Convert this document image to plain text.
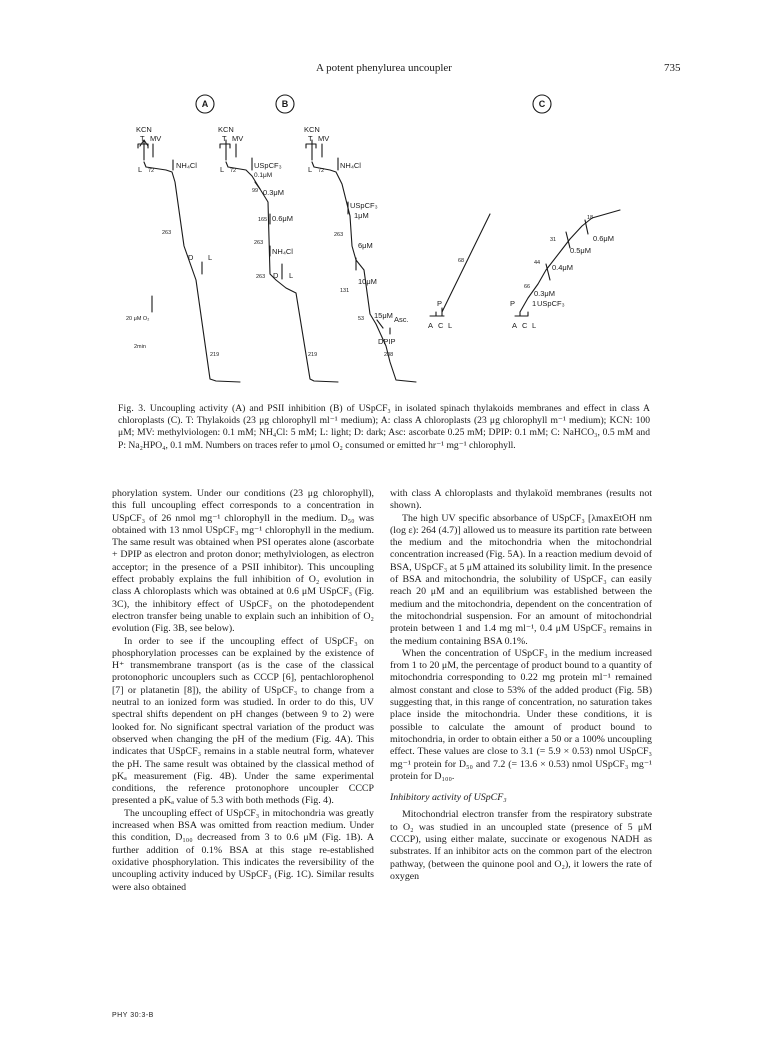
A potent phenylurea uncoupler	735
A	B	C
KCN
T MV
L 72
NH₄Cl
263
D L
219
20 μM O₂
2min
KCN
T MV
L 72
USpCF₃
0.1μM
99 0.3μM
165 0.6μM
263
NH₄Cl
263 D L
219
KCN
T MV
L 72
NH₄Cl
USpCF₃
1μM
263
6μM
131
10μM
53 15μM Asc.
DPIP
288
68
P
A C L
18
31	0.6μM
0.5μM
44 0.4μM
66
0.3μM
P 1 USpCF₃
A C L
Fig. 3. Uncoupling activity (A) and PSII inhibition (B) of USpCF₃ in isolated spinach thylakoids membranes and effect in class A chloroplasts (C). T: Thylakoids (23 μg chlorophyll ml⁻¹ medium); A: class A chloroplasts (23 μg chlorophyll m⁻¹ medium); KCN: 100 μM; MV: methylviologen: 0.1 mM; NH₄Cl: 5 mM; L: light; D: dark; Asc: ascorbate 0.25 mM; DPIP: 0.1 mM; C: NaHCO₃, 0.5 mM and P: Na₂HPO₄, 0.1 mM. Numbers on traces refer to μmol O₂ consumed or emitted hr⁻¹ mg⁻¹ chlorophyll.

phorylation system. Under our conditions (23 μg chlorophyll), this full uncoupling effect corresponds to a concentration in USpCF₃ of 26 nmol mg⁻¹ chlorophyll in the medium. D₅₀ was obtained with 13 nmol USpCF₃ mg⁻¹ chlorophyll in the medium. The same result was obtained when PSI operates alone (ascorbate + DPIP as electron and proton donor; methylviologen, as electron acceptor; in the presence of a PSII inhibitor). This uncoupling effect probably explains the full inhibition of O₂ evolution in class A chloroplasts which was obtained at 0.6 μM USpCF₃ (Fig. 3C), the inhibitory effect of USpCF₃ on the photodependent electron transfer being unable to explain such an inhibition of O₂ evolution (Fig. 3B, see below).

In order to see if the uncoupling effect of USpCF₃ on phosphorylation processes can be explained by the existence of H⁺ transmembrane transport (as is the case of the classical protonophoric uncouplers such as CCCP [6], pentachlorophenol [7] or platanetin [8]), the ability of USpCF₃ to change from a neutral to an ionized form was studied. In order to do this, UV spectral shifts dependent on pH changes (between 9 to 2) were looked for. No significant spectral variation of the product was observed when changing the pH of the medium (Fig. 4A). This indicates that USpCF₃ remains in a stable neutral form, whatever the pH. The same result was obtained by the classical method of pKₐ measurement (Fig. 4B). Under the same experimental conditions, the reference protonophore uncoupler CCCP presented a pKₐ value of 5.3 with both methods (Fig. 4).

The uncoupling effect of USpCF₃ in mitochondria was greatly increased when BSA was omitted from reaction medium. Under this condition, D₁₀₀ decreased from 3 to 0.6 μM (Fig. 1B). A further addition of 0.1% BSA at this stage re-established oxidative phosphorylation. This indicates the reversibility of the uncoupling activity induced by USpCF₃ (Fig. 1C). Similar results were also obtained

with class A chloroplasts and thylakoïd membranes (results not shown).

The high UV specific absorbance of USpCF₃ [λmaxEtOH nm (log ε): 264 (4.7)] allowed us to measure its partition rate between the medium and the mitochondria when the mitochondrial concentration increased (Fig. 5A). In a reaction medium devoid of BSA, USpCF₃ at 5 μM attained its solubility limit. In the presence of BSA and mitochondria, the solubility of USpCF₃ can easily reach 20 μM and an equilibrium was established between the medium and the mitochondria, dependent on the concentration of the mitochondrial suspension. For an amount of mitochondrial protein between 1 and 1.4 mg ml⁻¹, 0.4 μM USpCF₃ remains in the medium containing BSA 0.1%.

When the concentration of USpCF₃ in the medium increased from 1 to 20 μM, the percentage of product bound to a quantity of mitochondria corresponding to 0.22 mg protein ml⁻¹ remained almost constant and close to 53% of the added product (Fig. 5B) suggesting that, in this range of concentration, no saturation takes place inside the mitochondria. Under these conditions, it is possible to calculate the amount of product bound to mitochondria, in order to obtain either a 50 or a 100% uncoupling effect. These values are close to 3.1 (= 5.9 × 0.53) nmol USpCF₃ mg⁻¹ protein for D₅₀ and 7.2 (= 13.6 × 0.53) nmol USpCF₃ mg⁻¹ protein for D₁₀₀.

Inhibitory activity of USpCF₃

Mitochondrial electron transfer from the respiratory substrate to O₂ was studied in an uncoupled state (presence of 5 μM CCCP), using either malate, succinate or exogenous NADH as substrates. If an inhibitor acts on the common part of the electron pathway, (between the quinone pool and O₂), it lowers the rate of oxygen

PHY 30:3-B
